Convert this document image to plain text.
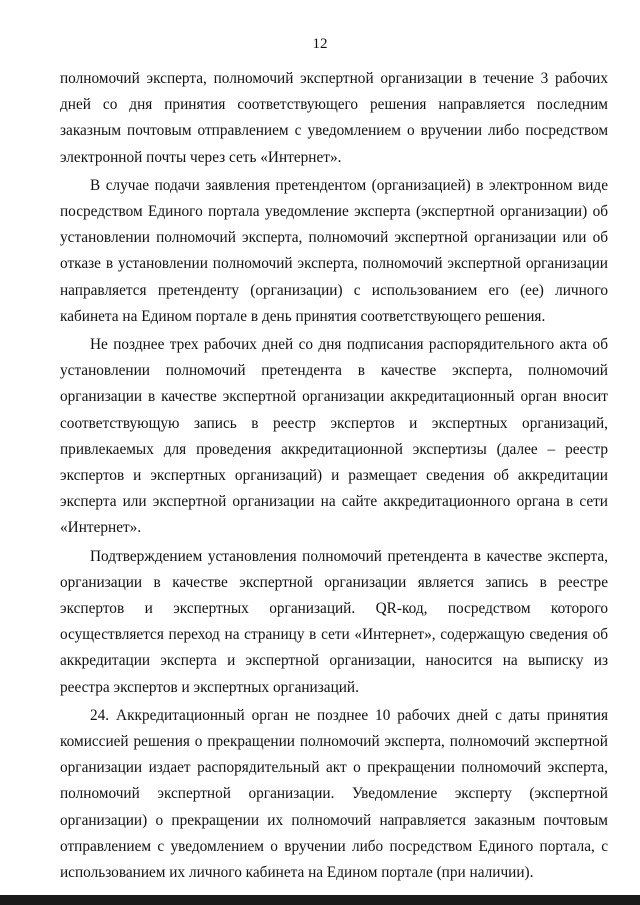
12

полномочий эксперта, полномочий экспертной организации в течение 3 рабочих дней со дня принятия соответствующего решения направляется последним заказным почтовым отправлением с уведомлением о вручении либо посредством электронной почты через сеть «Интернет».

В случае подачи заявления претендентом (организацией) в электронном виде посредством Единого портала уведомление эксперта (экспертной организации) об установлении полномочий эксперта, полномочий экспертной организации или об отказе в установлении полномочий эксперта, полномочий экспертной организации направляется претенденту (организации) с использованием его (ее) личного кабинета на Едином портале в день принятия соответствующего решения.

Не позднее трех рабочих дней со дня подписания распорядительного акта об установлении полномочий претендента в качестве эксперта, полномочий организации в качестве экспертной организации аккредитационный орган вносит соответствующую запись в реестр экспертов и экспертных организаций, привлекаемых для проведения аккредитационной экспертизы (далее – реестр экспертов и экспертных организаций) и размещает сведения об аккредитации эксперта или экспертной организации на сайте аккредитационного органа в сети «Интернет».

Подтверждением установления полномочий претендента в качестве эксперта, организации в качестве экспертной организации является запись в реестре экспертов и экспертных организаций. QR-код, посредством которого осуществляется переход на страницу в сети «Интернет», содержащую сведения об аккредитации эксперта и экспертной организации, наносится на выписку из реестра экспертов и экспертных организаций.

24. Аккредитационный орган не позднее 10 рабочих дней с даты принятия комиссией решения о прекращении полномочий эксперта, полномочий экспертной организации издает распорядительный акт о прекращении полномочий эксперта, полномочий экспертной организации. Уведомление эксперту (экспертной организации) о прекращении их полномочий направляется заказным почтовым отправлением с уведомлением о вручении либо посредством Единого портала, с использованием их личного кабинета на Едином портале (при наличии).
